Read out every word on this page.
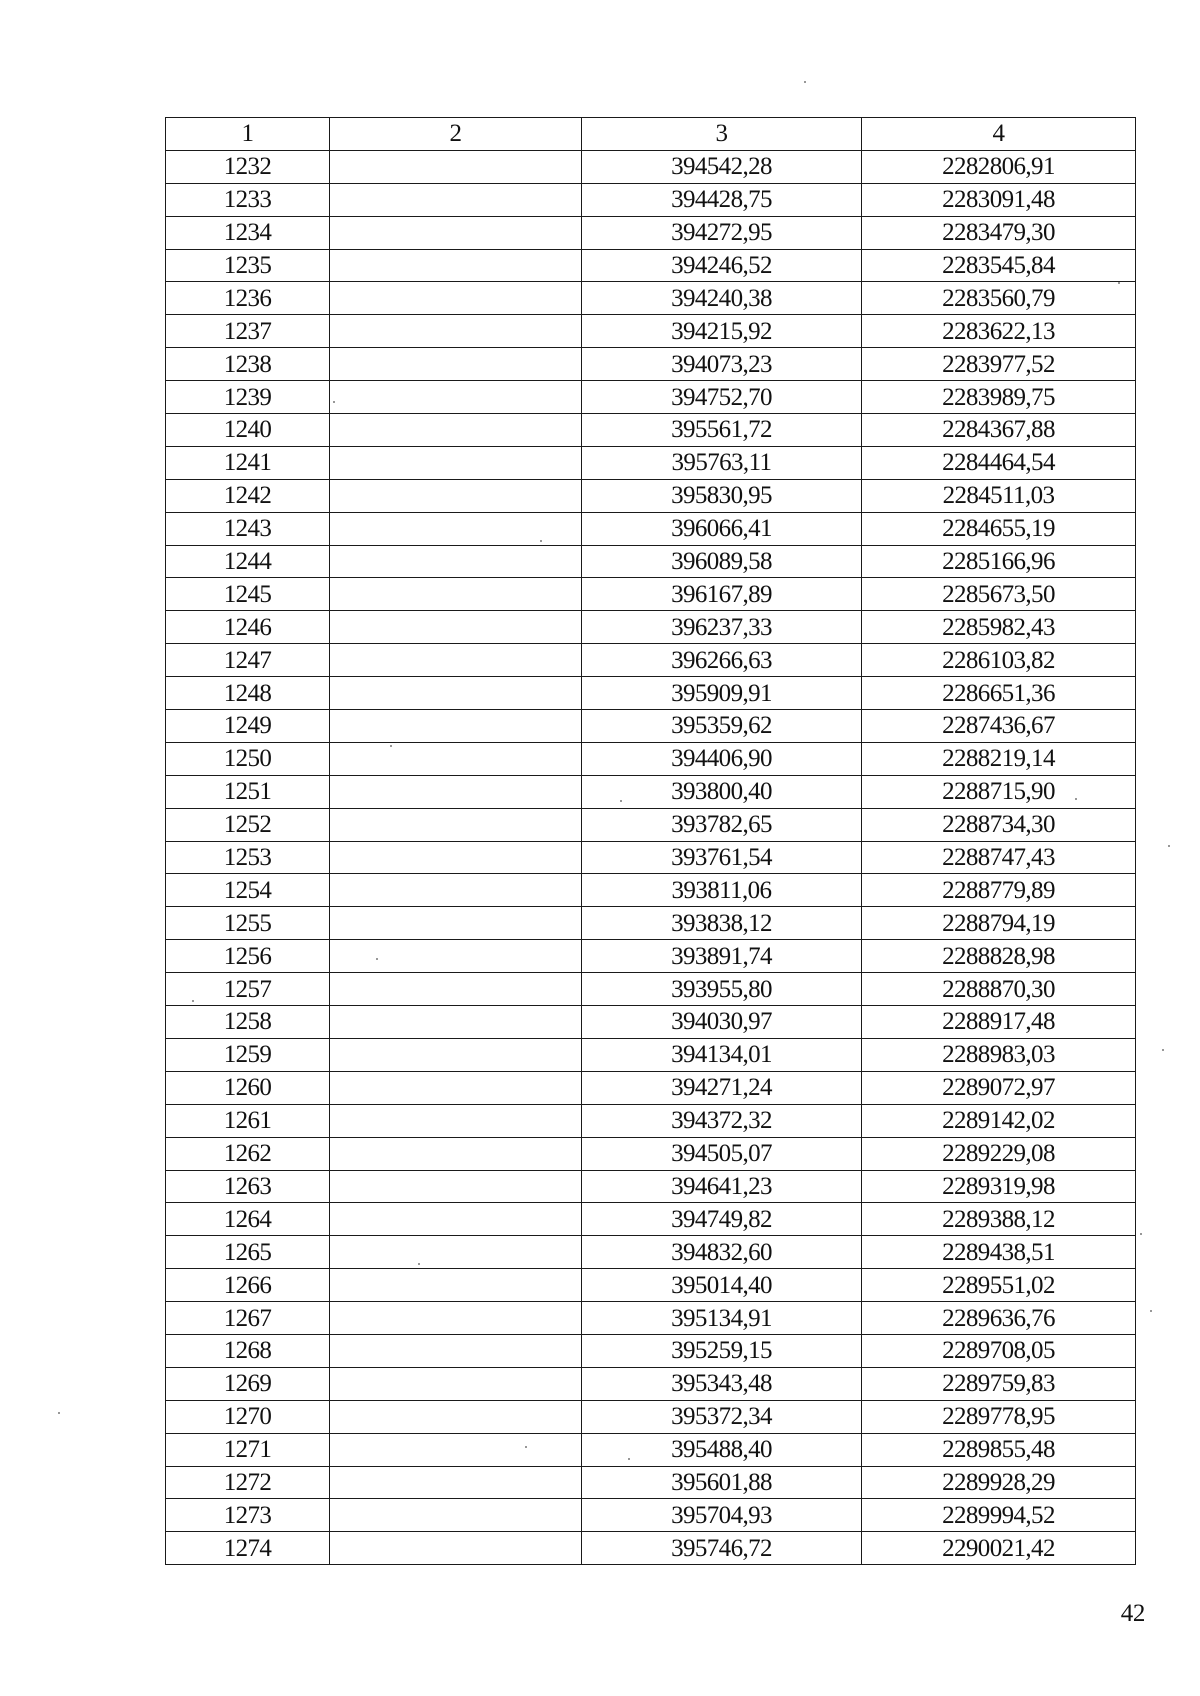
1	2	3	4
1232		394542,28	2282806,91
1233		394428,75	2283091,48
1234		394272,95	2283479,30
1235		394246,52	2283545,84
1236		394240,38	2283560,79
1237		394215,92	2283622,13
1238		394073,23	2283977,52
1239		394752,70	2283989,75
1240		395561,72	2284367,88
1241		395763,11	2284464,54
1242		395830,95	2284511,03
1243		396066,41	2284655,19
1244		396089,58	2285166,96
1245		396167,89	2285673,50
1246		396237,33	2285982,43
1247		396266,63	2286103,82
1248		395909,91	2286651,36
1249		395359,62	2287436,67
1250		394406,90	2288219,14
1251		393800,40	2288715,90
1252		393782,65	2288734,30
1253		393761,54	2288747,43
1254		393811,06	2288779,89
1255		393838,12	2288794,19
1256		393891,74	2288828,98
1257		393955,80	2288870,30
1258		394030,97	2288917,48
1259		394134,01	2288983,03
1260		394271,24	2289072,97
1261		394372,32	2289142,02
1262		394505,07	2289229,08
1263		394641,23	2289319,98
1264		394749,82	2289388,12
1265		394832,60	2289438,51
1266		395014,40	2289551,02
1267		395134,91	2289636,76
1268		395259,15	2289708,05
1269		395343,48	2289759,83
1270		395372,34	2289778,95
1271		395488,40	2289855,48
1272		395601,88	2289928,29
1273		395704,93	2289994,52
1274		395746,72	2290021,42
42
